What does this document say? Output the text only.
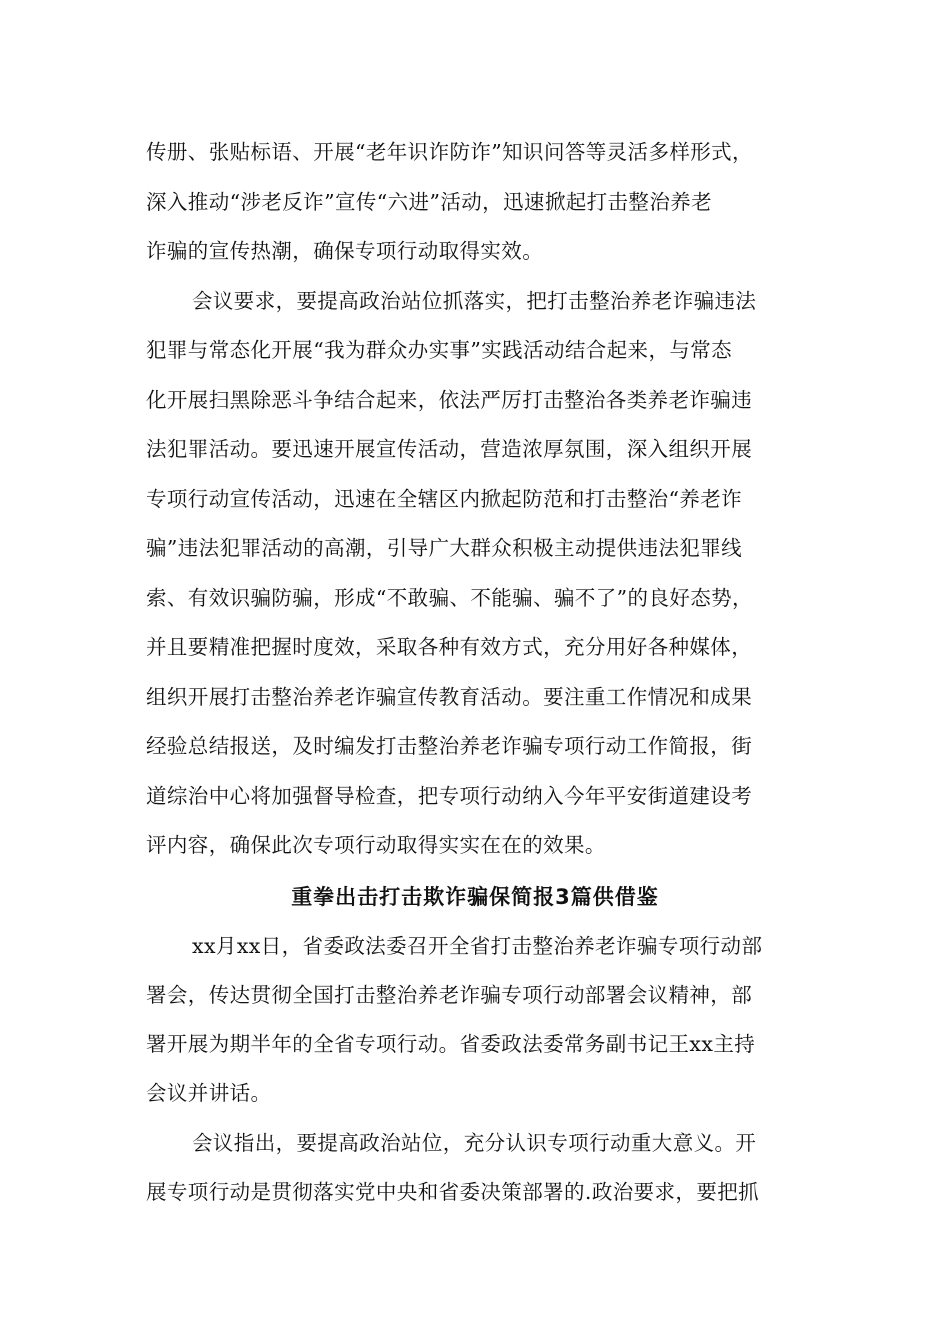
传册、张贴标语、开展“老年识诈防诈”知识问答等灵活多样形式，
深入推动“涉老反诈”宣传“六进”活动，迅速掀起打击整治养老
诈骗的宣传热潮，确保专项行动取得实效。
会议要求，要提高政治站位抓落实，把打击整治养老诈骗违法
犯罪与常态化开展“我为群众办实事”实践活动结合起来，与常态
化开展扫黑除恶斗争结合起来，依法严厉打击整治各类养老诈骗违
法犯罪活动。要迅速开展宣传活动，营造浓厚氛围，深入组织开展
专项行动宣传活动，迅速在全辖区内掀起防范和打击整治“养老诈
骗”违法犯罪活动的高潮，引导广大群众积极主动提供违法犯罪线
索、有效识骗防骗，形成“不敢骗、不能骗、骗不了”的良好态势，
并且要精准把握时度效，采取各种有效方式，充分用好各种媒体，
组织开展打击整治养老诈骗宣传教育活动。要注重工作情况和成果
经验总结报送，及时编发打击整治养老诈骗专项行动工作简报，街
道综治中心将加强督导检查，把专项行动纳入今年平安街道建设考
评内容，确保此次专项行动取得实实在在的效果。
重拳出击打击欺诈骗保简报3篇供借鉴
xx月xx日，省委政法委召开全省打击整治养老诈骗专项行动部
署会，传达贯彻全国打击整治养老诈骗专项行动部署会议精神，部
署开展为期半年的全省专项行动。省委政法委常务副书记王xx主持
会议并讲话。
会议指出，要提高政治站位，充分认识专项行动重大意义。开
展专项行动是贯彻落实党中央和省委决策部署的.政治要求，要把抓
